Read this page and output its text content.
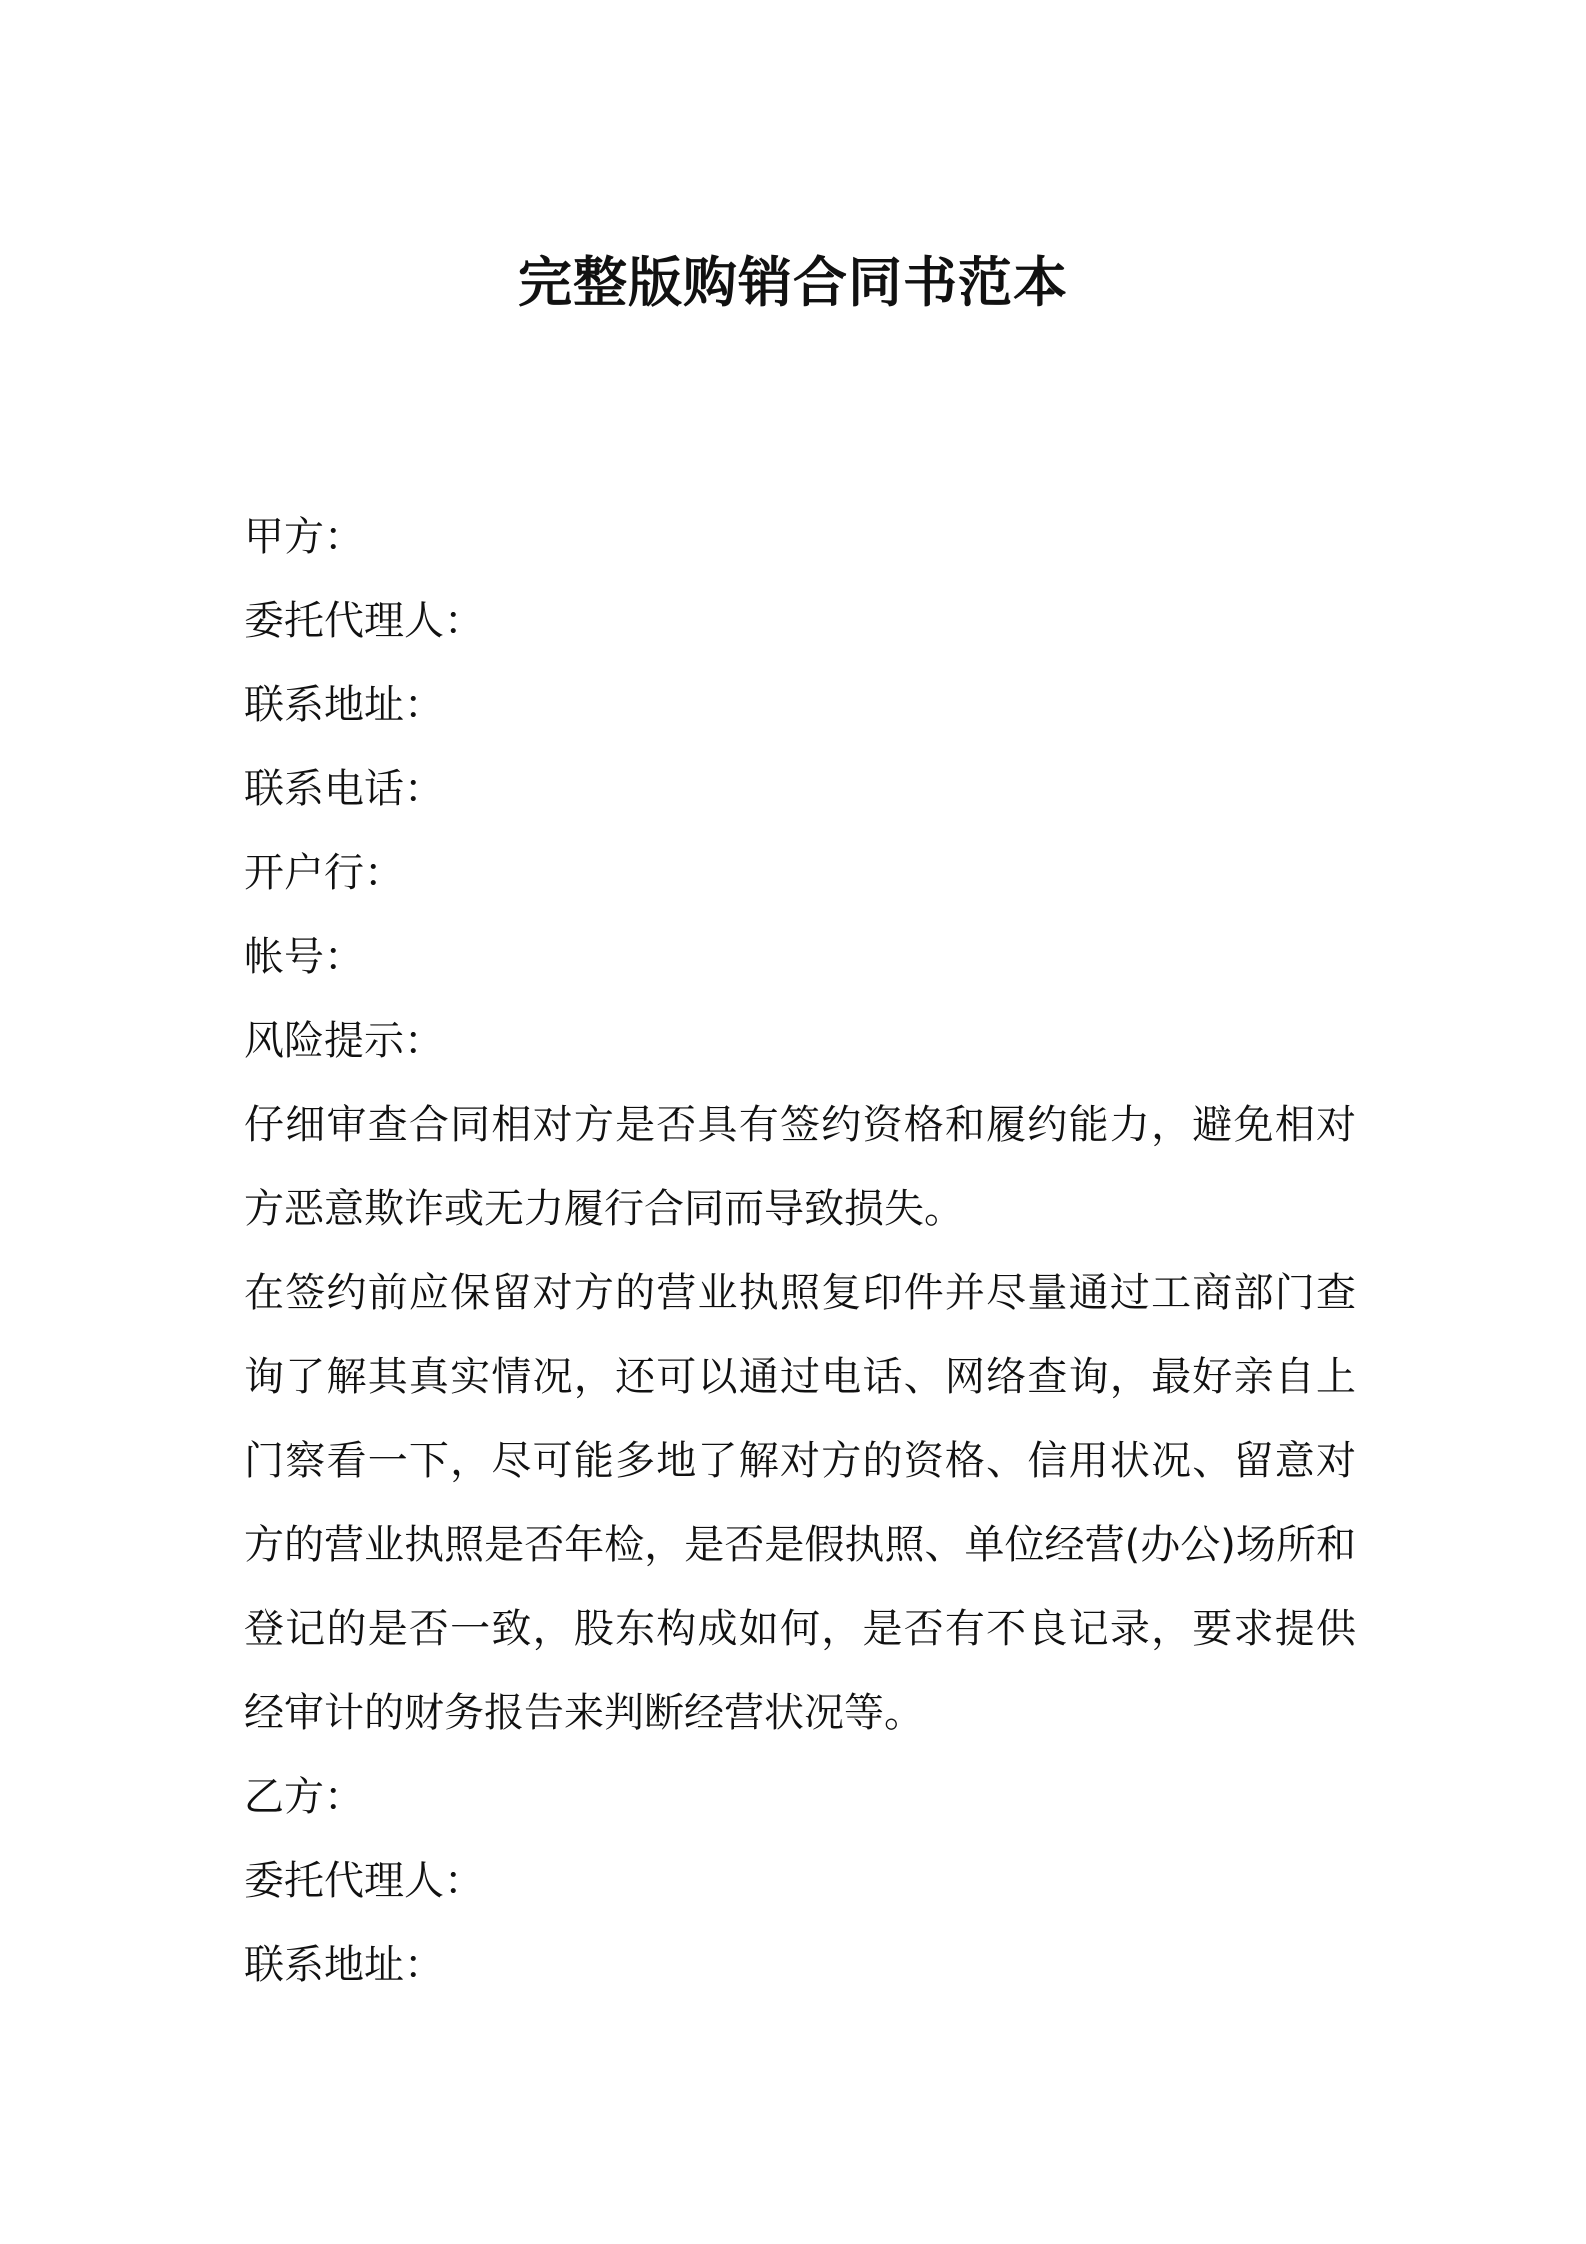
完整版购销合同书范本

甲方：

委托代理人：

联系地址：

联系电话：

开户行：

帐号：

风险提示：

仔细审查合同相对方是否具有签约资格和履约能力，避免相对方恶意欺诈或无力履行合同而导致损失。

在签约前应保留对方的营业执照复印件并尽量通过工商部门查询了解其真实情况，还可以通过电话、网络查询，最好亲自上门察看一下，尽可能多地了解对方的资格、信用状况、留意对方的营业执照是否年检，是否是假执照、单位经营(办公)场所和登记的是否一致，股东构成如何，是否有不良记录，要求提供经审计的财务报告来判断经营状况等。

乙方：

委托代理人：

联系地址：
